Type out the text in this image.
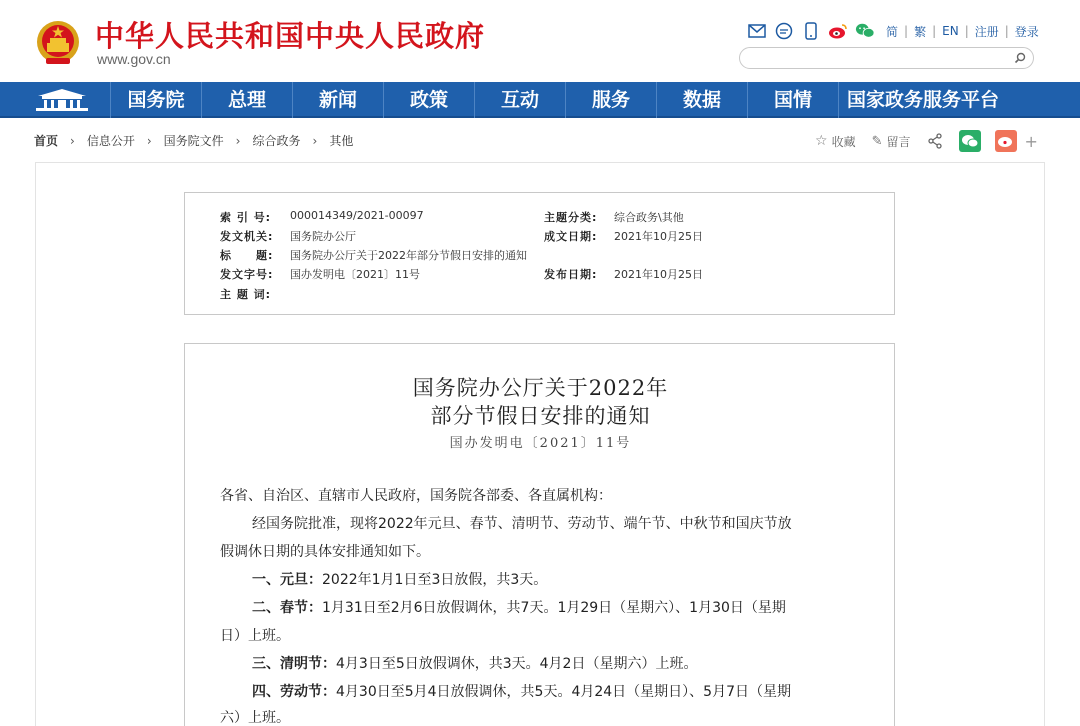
中华人民共和国中央人民政府
www.gov.cn
简 | 繁 | EN | 注册 | 登录
国务院	总理	新闻	政策	互动	服务	数据	国情	国家政务服务平台
首页 › 信息公开 › 国务院文件 › 综合政务 › 其他	☆ 收藏 ✎ 留言	+
索 引 号:	000014349/2021-00097	主题分类:	综合政务\其他
发文机关:	国务院办公厅	成文日期:	2021年10月25日
标　　题:	国务院办公厅关于2022年部分节假日安排的通知
发文字号:	国办发明电〔2021〕11号	发布日期:	2021年10月25日
主 题 词:
国务院办公厅关于2022年
部分节假日安排的通知
国办发明电〔2021〕11号
各省、自治区、直辖市人民政府，国务院各部委、各直属机构：
经国务院批准，现将2022年元旦、春节、清明节、劳动节、端午节、中秋节和国庆节放
假调休日期的具体安排通知如下。
一、元旦：2022年1月1日至3日放假，共3天。
二、春节：1月31日至2月6日放假调休，共7天。1月29日（星期六）、1月30日（星期
日）上班。
三、清明节：4月3日至5日放假调休，共3天。4月2日（星期六）上班。
四、劳动节：4月30日至5月4日放假调休，共5天。4月24日（星期日）、5月7日（星期
六）上班。
